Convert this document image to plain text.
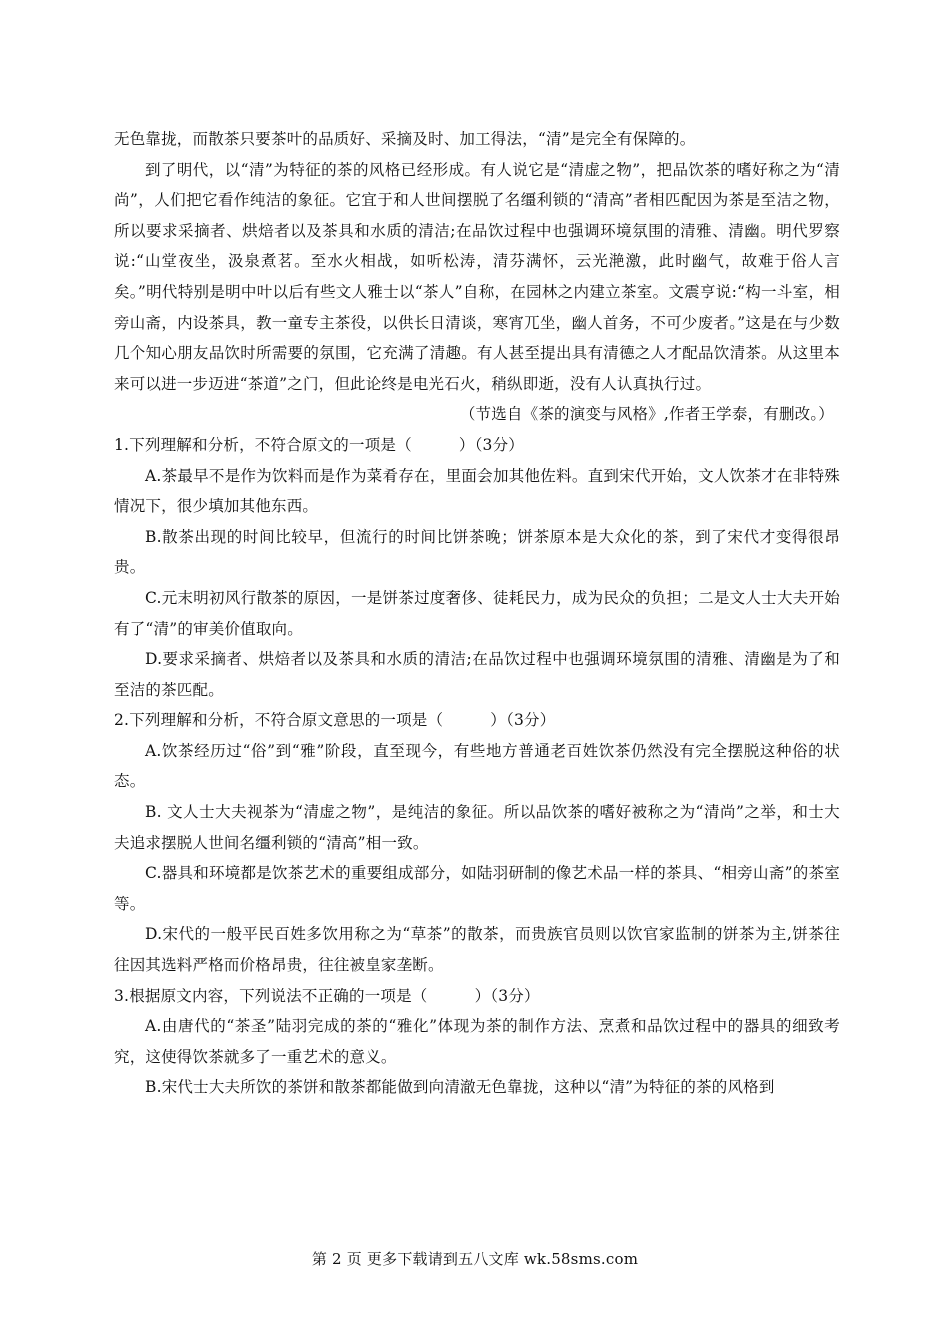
无色靠拢，而散茶只要茶叶的品质好、采摘及时、加工得法，“清”是完全有保障的。

到了明代，以“清”为特征的茶的风格已经形成。有人说它是“清虚之物”，把品饮茶的嗜好称之为“清尚”，人们把它看作纯洁的象征。它宜于和人世间摆脱了名缰利锁的“清高”者相匹配因为茶是至洁之物，所以要求采摘者、烘焙者以及茶具和水质的清洁;在品饮过程中也强调环境氛围的清雅、清幽。明代罗察说:“山堂夜坐，汲泉煮茗。至水火相战，如听松涛，清芬满怀，云光滟激，此时幽气，故难于俗人言矣。”明代特别是明中叶以后有些文人雅士以“茶人”自称，在园林之内建立茶室。文震亨说:“构一斗室，相旁山斋，内设茶具，教一童专主茶役，以供长日清谈，寒宵兀坐，幽人首务，不可少废者。”这是在与少数几个知心朋友品饮时所需要的氛围，它充满了清趣。有人甚至提出具有清德之人才配品饮清茶。从这里本来可以进一步迈进“茶道”之门，但此论终是电光石火，稍纵即逝，没有人认真执行过。

（节选自《茶的演变与风格》,作者王学泰，有删改。）

1.下列理解和分析，不符合原文的一项是（　　　）（3分）

A.茶最早不是作为饮料而是作为菜肴存在，里面会加其他佐料。直到宋代开始，文人饮茶才在非特殊情况下，很少填加其他东西。

B.散茶出现的时间比较早，但流行的时间比饼茶晚；饼茶原本是大众化的茶，到了宋代才变得很昂贵。

C.元末明初风行散茶的原因，一是饼茶过度奢侈、徒耗民力，成为民众的负担；二是文人士大夫开始有了“清”的审美价值取向。

D.要求采摘者、烘焙者以及茶具和水质的清洁;在品饮过程中也强调环境氛围的清雅、清幽是为了和至洁的茶匹配。

2.下列理解和分析，不符合原文意思的一项是（　　　）（3分）

A.饮茶经历过“俗”到“雅”阶段，直至现今，有些地方普通老百姓饮茶仍然没有完全摆脱这种俗的状态。

B. 文人士大夫视茶为“清虚之物”，是纯洁的象征。所以品饮茶的嗜好被称之为“清尚”之举，和士大夫追求摆脱人世间名缰利锁的“清高”相一致。

C.器具和环境都是饮茶艺术的重要组成部分，如陆羽研制的像艺术品一样的茶具、“相旁山斋”的茶室等。

D.宋代的一般平民百姓多饮用称之为“草茶”的散茶，而贵族官员则以饮官家监制的饼茶为主,饼茶往往因其选料严格而价格昂贵，往往被皇家垄断。

3.根据原文内容，下列说法不正确的一项是（　　　）（3分）

A.由唐代的“茶圣”陆羽完成的茶的“雅化”体现为茶的制作方法、烹煮和品饮过程中的器具的细致考究，这使得饮茶就多了一重艺术的意义。

B.宋代士大夫所饮的茶饼和散茶都能做到向清澈无色靠拢，这种以“清”为特征的茶的风格到

第 2 页 更多下载请到五八文库 wk.58sms.com
